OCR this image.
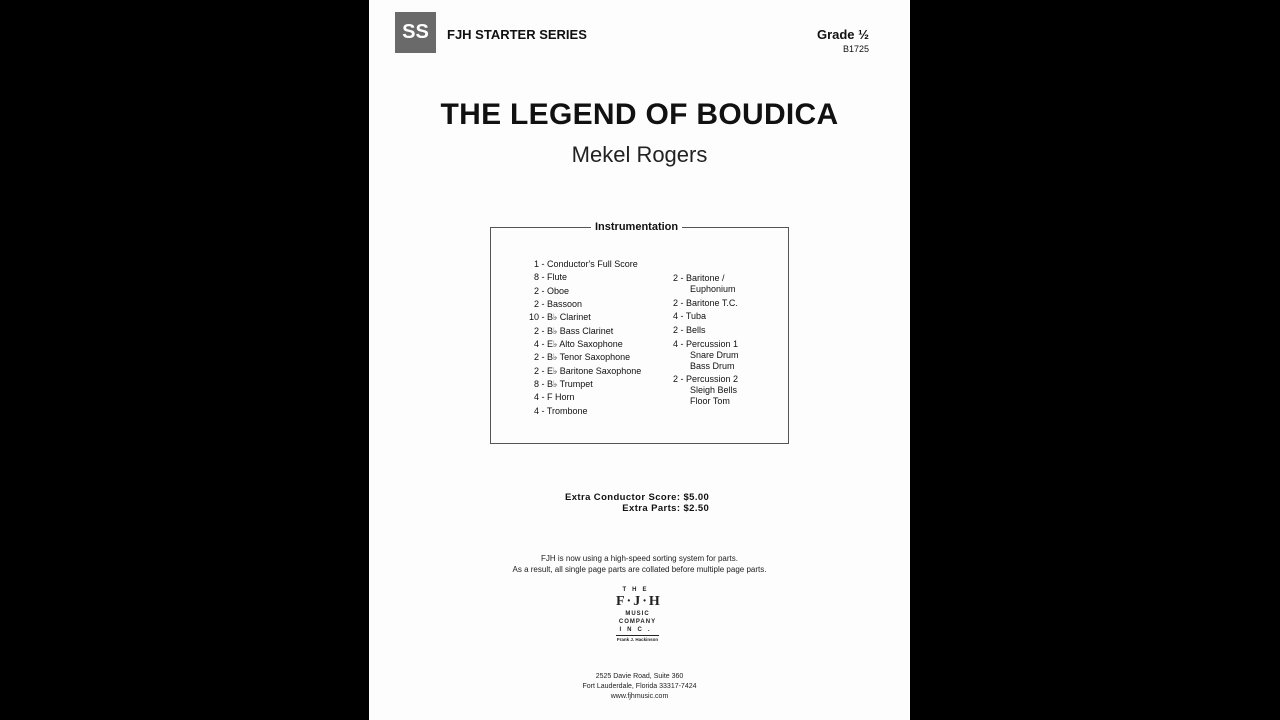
SS	FJH STARTER SERIES	Grade ½
B1725
THE LEGEND OF BOUDICA
Mekel Rogers
Instrumentation
1 - Conductor's Full Score
8 - Flute
2 - Oboe
2 - Bassoon
10 - B♭ Clarinet
2 - B♭ Bass Clarinet
4 - E♭ Alto Saxophone
2 - B♭ Tenor Saxophone
2 - E♭ Baritone Saxophone
8 - B♭ Trumpet
4 - F Horn
4 - Trombone
2 - Baritone /
Euphonium
2 - Baritone T.C.
4 - Tuba
2 - Bells
4 - Percussion 1
Snare Drum
Bass Drum
2 - Percussion 2
Sleigh Bells
Floor Tom
Extra Conductor Score: $5.00
Extra Parts: $2.50
FJH is now using a high-speed sorting system for parts.
As a result, all single page parts are collated before multiple page parts.
THE
F·J·H
MUSIC
COMPANY
INC.
Frank J. Hackinson
2525 Davie Road, Suite 360
Fort Lauderdale, Florida 33317-7424
www.fjhmusic.com
